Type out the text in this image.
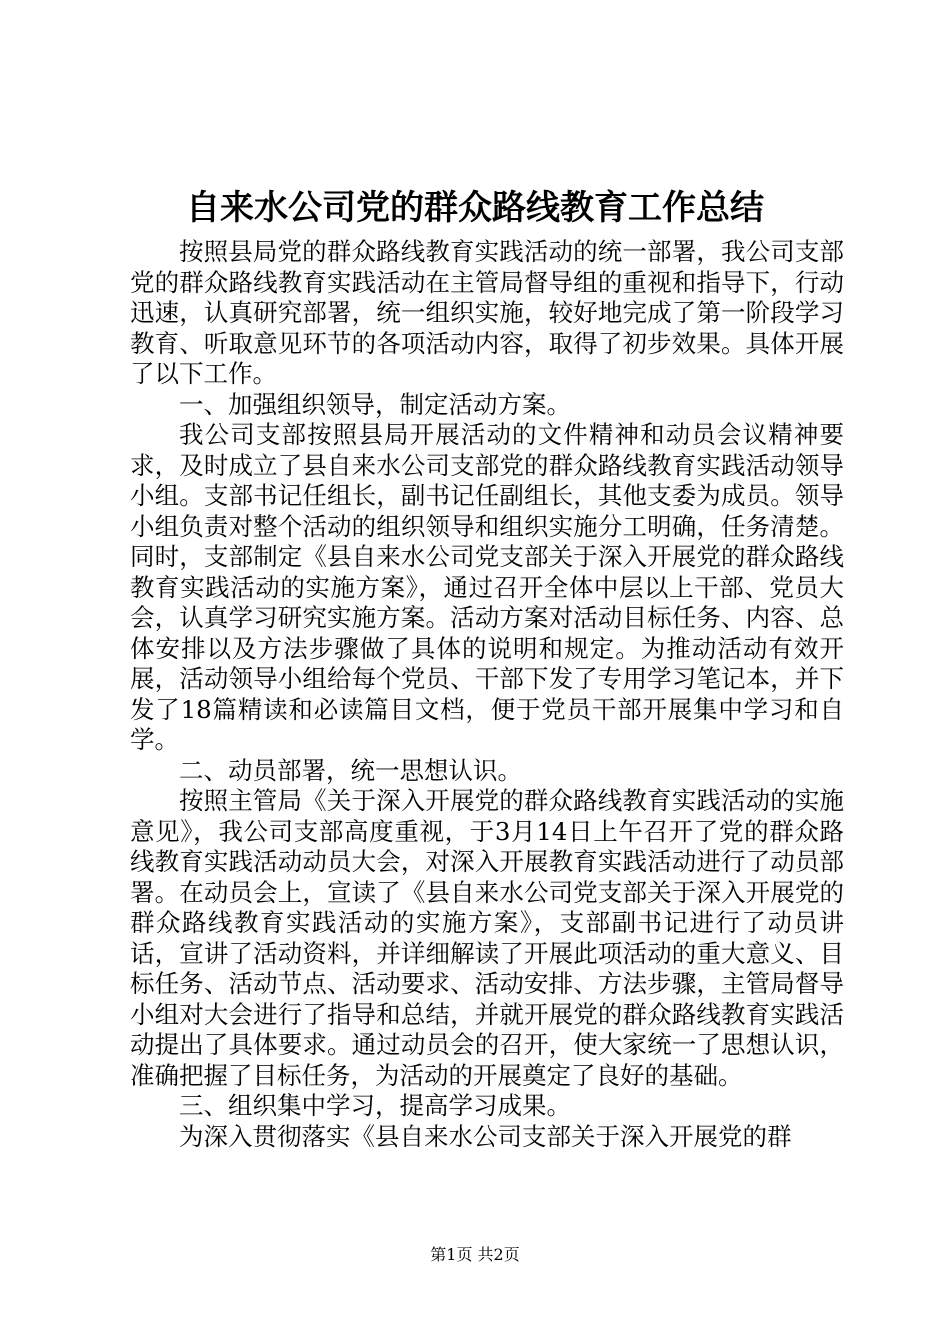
自来水公司党的群众路线教育工作总结

按照县局党的群众路线教育实践活动的统一部署，我公司支部党的群众路线教育实践活动在主管局督导组的重视和指导下，行动迅速，认真研究部署，统一组织实施，较好地完成了第一阶段学习教育、听取意见环节的各项活动内容，取得了初步效果。具体开展了以下工作。

一、加强组织领导，制定活动方案。

我公司支部按照县局开展活动的文件精神和动员会议精神要求，及时成立了县自来水公司支部党的群众路线教育实践活动领导小组。支部书记任组长，副书记任副组长，其他支委为成员。领导小组负责对整个活动的组织领导和组织实施分工明确，任务清楚。同时，支部制定《县自来水公司党支部关于深入开展党的群众路线教育实践活动的实施方案》，通过召开全体中层以上干部、党员大会，认真学习研究实施方案。活动方案对活动目标任务、内容、总体安排以及方法步骤做了具体的说明和规定。为推动活动有效开展，活动领导小组给每个党员、干部下发了专用学习笔记本，并下发了18篇精读和必读篇目文档，便于党员干部开展集中学习和自学。

二、动员部署，统一思想认识。

按照主管局《关于深入开展党的群众路线教育实践活动的实施意见》，我公司支部高度重视，于3月14日上午召开了党的群众路线教育实践活动动员大会，对深入开展教育实践活动进行了动员部署。在动员会上，宣读了《县自来水公司党支部关于深入开展党的群众路线教育实践活动的实施方案》，支部副书记进行了动员讲话，宣讲了活动资料，并详细解读了开展此项活动的重大意义、目标任务、活动节点、活动要求、活动安排、方法步骤，主管局督导小组对大会进行了指导和总结，并就开展党的群众路线教育实践活动提出了具体要求。通过动员会的召开，使大家统一了思想认识，准确把握了目标任务，为活动的开展奠定了良好的基础。

三、组织集中学习，提高学习成果。

为深入贯彻落实《县自来水公司支部关于深入开展党的群

第1页 共2页
